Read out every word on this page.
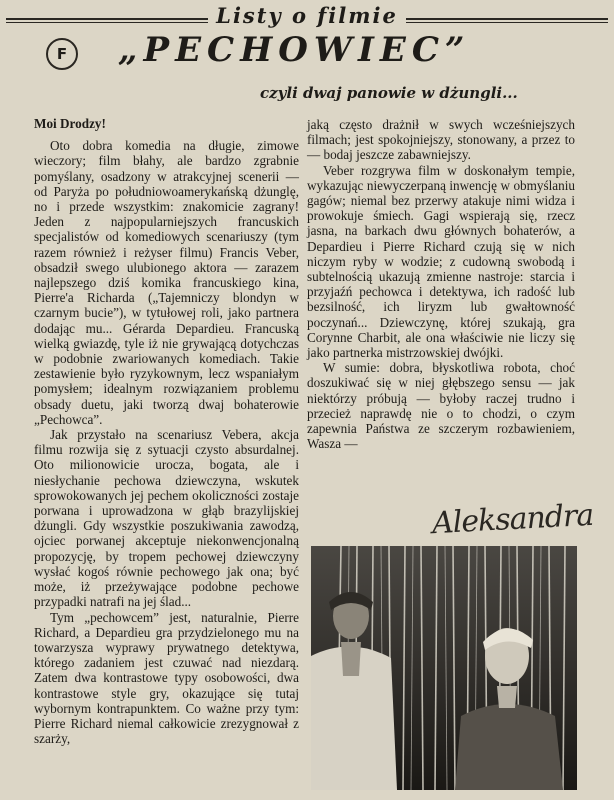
Listy o filmie
F	„PECHOWIEC”
czyli dwaj panowie w dżungli...

Moi Drodzy!

Oto dobra komedia na długie, zimowe wieczory; film błahy, ale bardzo zgrabnie pomyślany, osadzony w atrakcyjnej scenerii — od Paryża po południowoamerykańską dżunglę, no i przede wszystkim: znakomicie zagrany! Jeden z najpopularniejszych francuskich specjalistów od komediowych scenariuszy (tym razem również i reżyser filmu) Francis Veber, obsadził swego ulubionego aktora — zarazem najlepszego dziś komika francuskiego kina, Pierre'a Richarda („Tajemniczy blondyn w czarnym bucie”), w tytułowej roli, jako partnera dodając mu... Gérarda Depardieu. Francuską wielką gwiazdę, tyle iż nie grywającą dotychczas w podobnie zwariowanych komediach. Takie zestawienie było ryzykownym, lecz wspaniałym pomysłem; idealnym rozwiązaniem problemu obsady duetu, jaki tworzą dwaj bohaterowie „Pechowca”.

Jak przystało na scenariusz Vebera, akcja filmu rozwija się z sytuacji czysto absurdalnej. Oto milionowicie urocza, bogata, ale i niesłychanie pechowa dziewczyna, wskutek sprowokowanych jej pechem okoliczności zostaje porwana i uprowadzona w głąb brazylijskiej dżungli. Gdy wszystkie poszukiwania zawodzą, ojciec porwanej akceptuje niekonwencjonalną propozycję, by tropem pechowej dziewczyny wysłać kogoś równie pechowego jak ona; być może, iż przeżywające podobne pechowe przypadki natrafi na jej ślad...

Tym „pechowcem” jest, naturalnie, Pierre Richard, a Depardieu gra przydzielonego mu na towarzysza wyprawy prywatnego detektywa, którego zadaniem jest czuwać nad niezdarą. Zatem dwa kontrastowe typy osobowości, dwa kontrastowe style gry, okazujące się tutaj wybornym kontrapunktem. Co ważne przy tym: Pierre Richard niemal całkowicie zrezygnował z szarży,

jaką często drażnił w swych wcześniejszych filmach; jest spokojniejszy, stonowany, a przez to — bodaj jeszcze zabawniejszy.

Veber rozgrywa film w doskonałym tempie, wykazując niewyczerpaną inwencję w obmyślaniu gagów; niemal bez przerwy atakuje nimi widza i prowokuje śmiech. Gagi wspierają się, rzecz jasna, na barkach dwu głównych bohaterów, a Depardieu i Pierre Richard czują się w nich niczym ryby w wodzie; z cudowną swobodą i subtelnością ukazują zmienne nastroje: starcia i przyjaźń pechowca i detektywa, ich radość lub bezsilność, ich liryzm lub gwałtowność poczynań... Dziewczynę, której szukają, gra Corynne Charbit, ale ona właściwie nie liczy się jako partnerka mistrzowskiej dwójki.

W sumie: dobra, błyskotliwa robota, choć doszukiwać się w niej głębszego sensu — jak niektórzy próbują — byłoby raczej trudno i przecież naprawdę nie o to chodzi, o czym zapewnia Państwa ze szczerym rozbawieniem, Wasza —

Aleksandra
